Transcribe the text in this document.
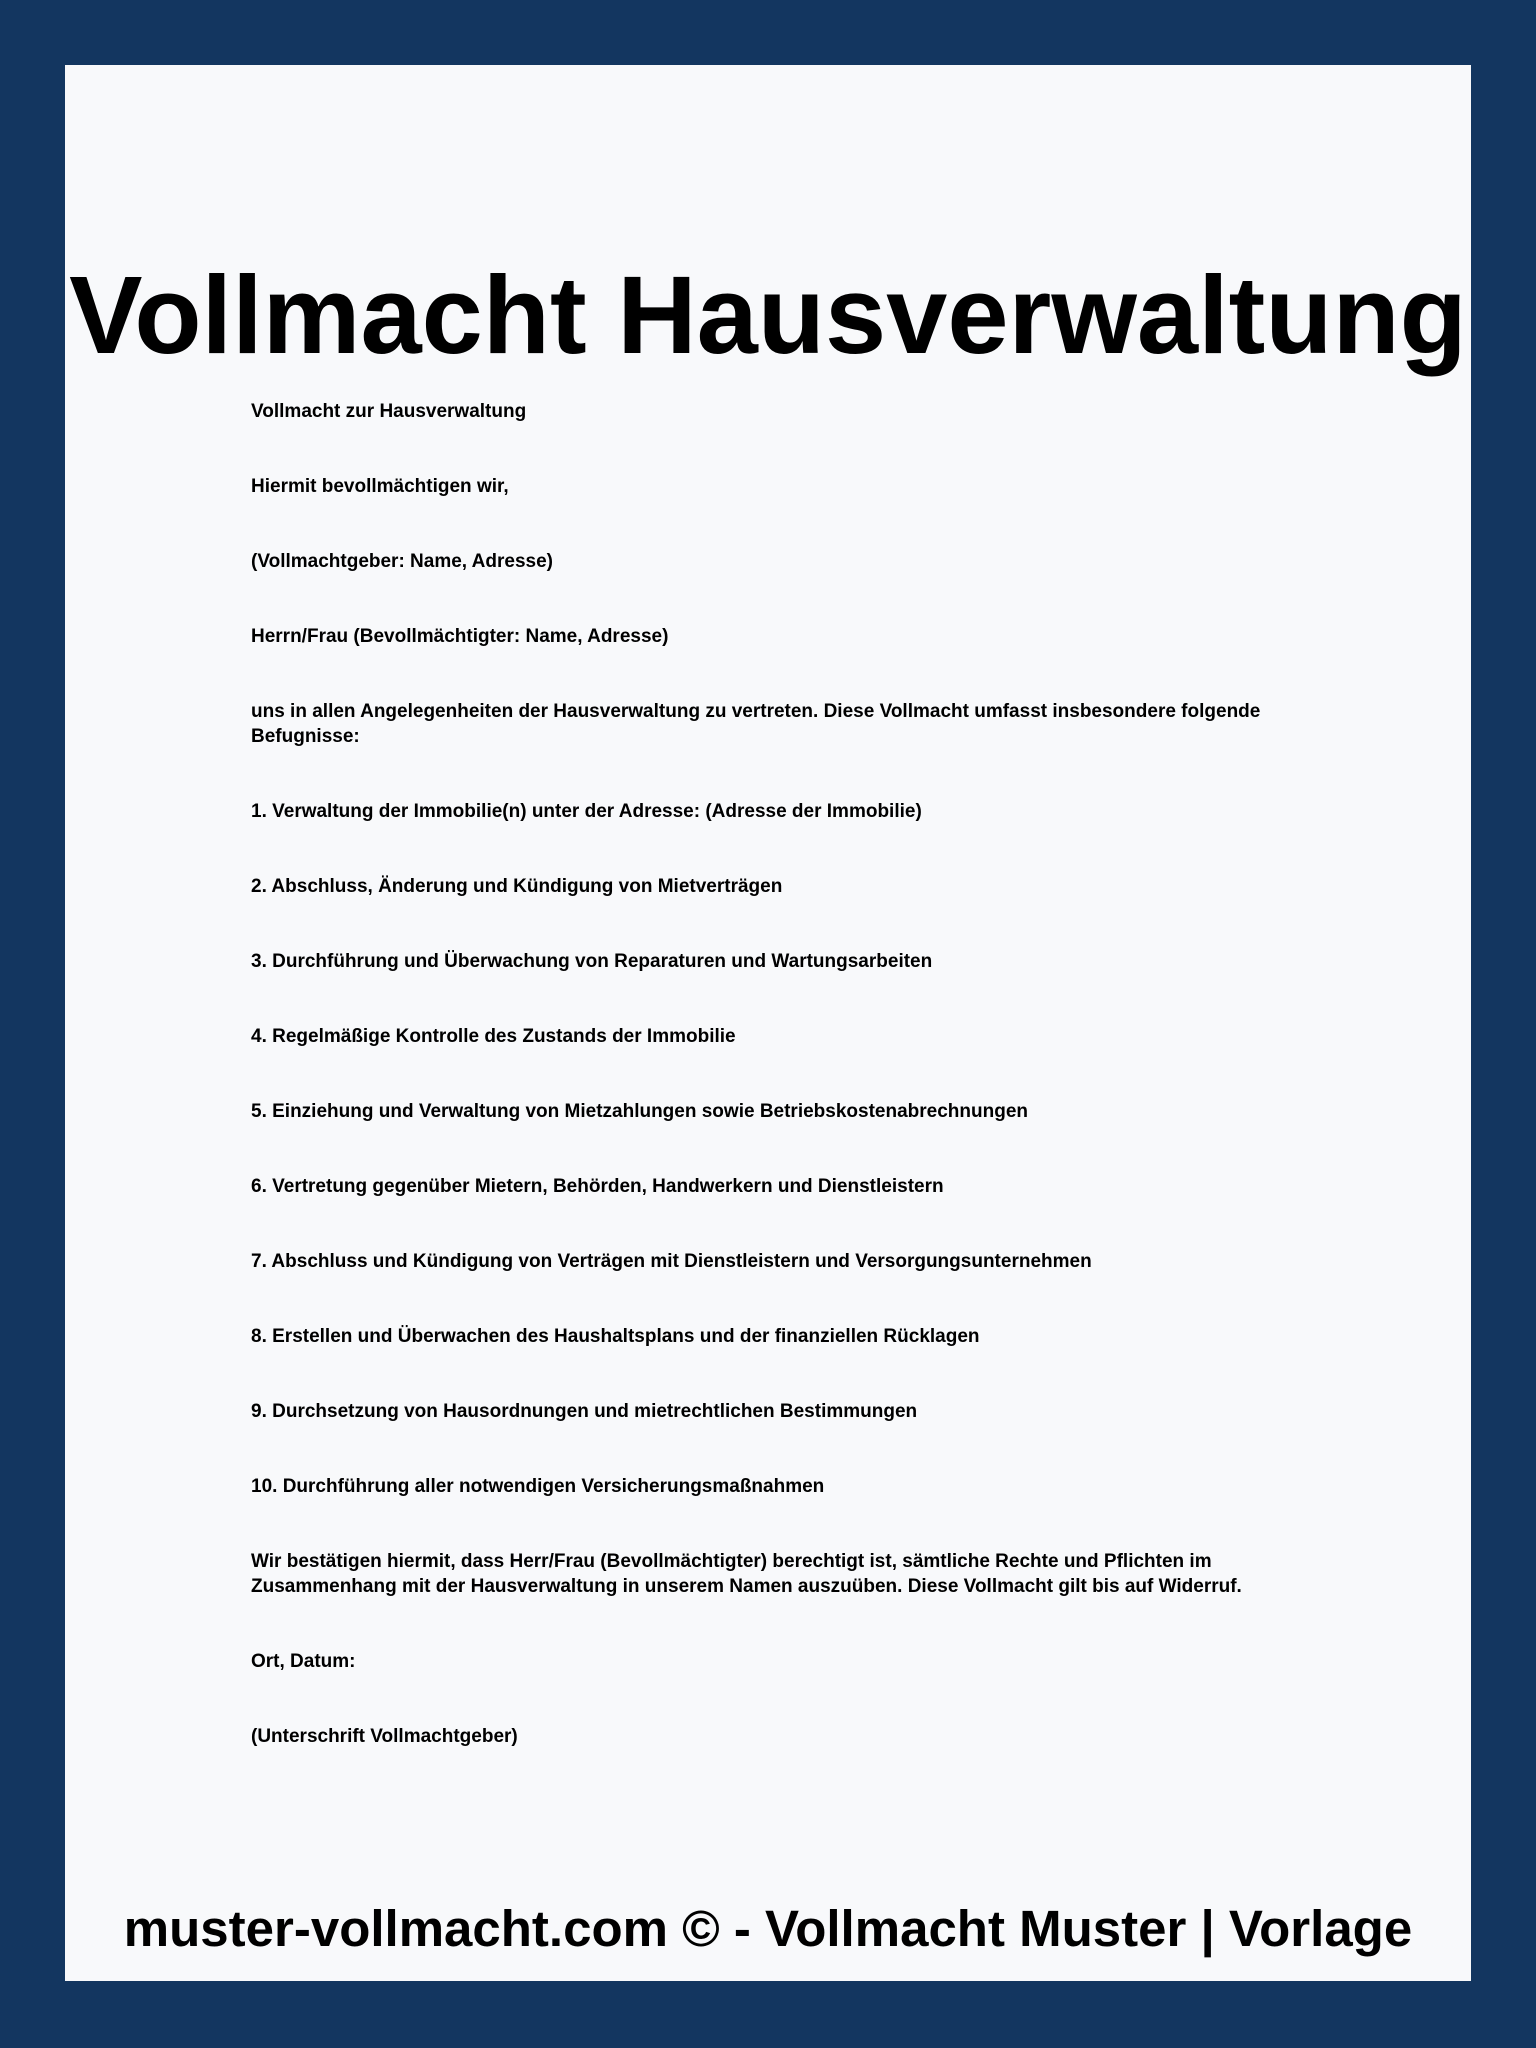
Vollmacht Hausverwaltung

Vollmacht zur Hausverwaltung

Hiermit bevollmächtigen wir,

(Vollmachtgeber: Name, Adresse)

Herrn/Frau (Bevollmächtigter: Name, Adresse)

uns in allen Angelegenheiten der Hausverwaltung zu vertreten. Diese Vollmacht umfasst insbesondere folgende Befugnisse:

1. Verwaltung der Immobilie(n) unter der Adresse: (Adresse der Immobilie)

2. Abschluss, Änderung und Kündigung von Mietverträgen

3. Durchführung und Überwachung von Reparaturen und Wartungsarbeiten

4. Regelmäßige Kontrolle des Zustands der Immobilie

5. Einziehung und Verwaltung von Mietzahlungen sowie Betriebskostenabrechnungen

6. Vertretung gegenüber Mietern, Behörden, Handwerkern und Dienstleistern

7. Abschluss und Kündigung von Verträgen mit Dienstleistern und Versorgungsunternehmen

8. Erstellen und Überwachen des Haushaltsplans und der finanziellen Rücklagen

9. Durchsetzung von Hausordnungen und mietrechtlichen Bestimmungen

10. Durchführung aller notwendigen Versicherungsmaßnahmen

Wir bestätigen hiermit, dass Herr/Frau (Bevollmächtigter) berechtigt ist, sämtliche Rechte und Pflichten im Zusammenhang mit der Hausverwaltung in unserem Namen auszuüben. Diese Vollmacht gilt bis auf Widerruf.

Ort, Datum:

(Unterschrift Vollmachtgeber)

muster-vollmacht.com © - Vollmacht Muster | Vorlage
